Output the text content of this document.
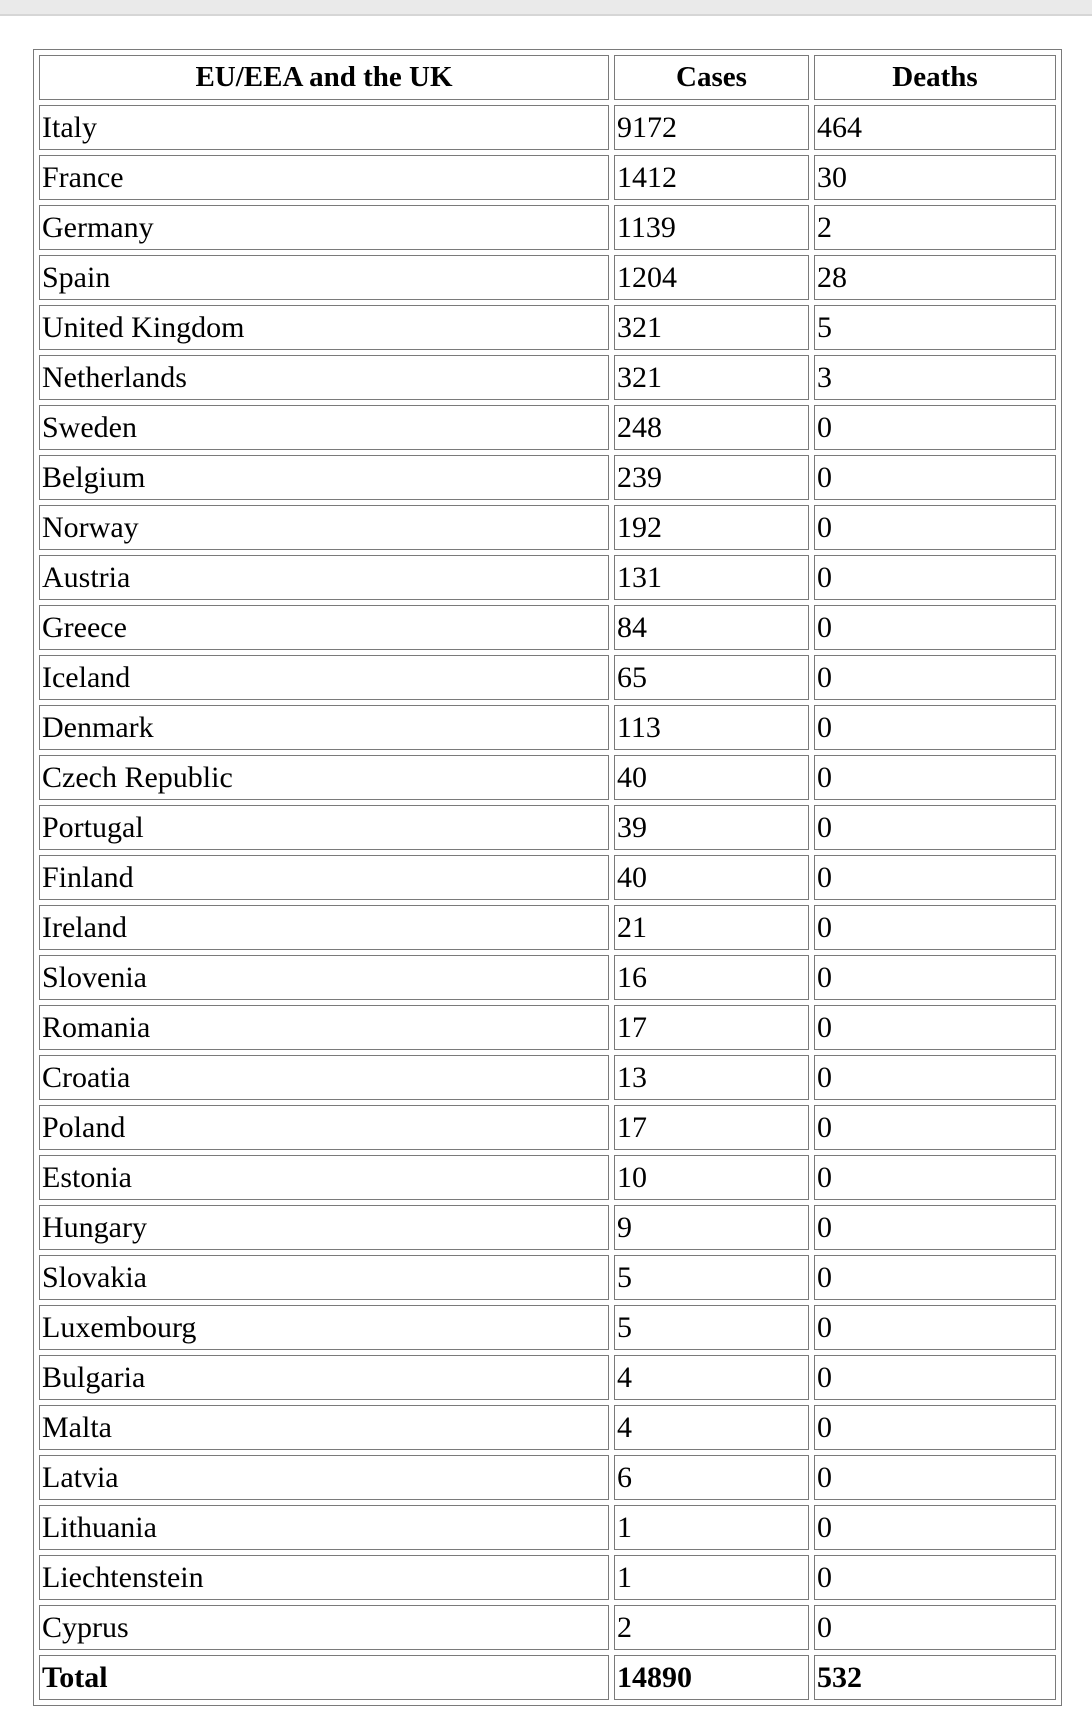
EU/EEA and the UK	Cases	Deaths
Italy	9172	464
France	1412	30
Germany	1139	2
Spain	1204	28
United Kingdom	321	5
Netherlands	321	3
Sweden	248	0
Belgium	239	0
Norway	192	0
Austria	131	0
Greece	84	0
Iceland	65	0
Denmark	113	0
Czech Republic	40	0
Portugal	39	0
Finland	40	0
Ireland	21	0
Slovenia	16	0
Romania	17	0
Croatia	13	0
Poland	17	0
Estonia	10	0
Hungary	9	0
Slovakia	5	0
Luxembourg	5	0
Bulgaria	4	0
Malta	4	0
Latvia	6	0
Lithuania	1	0
Liechtenstein	1	0
Cyprus	2	0
Total	14890	532
